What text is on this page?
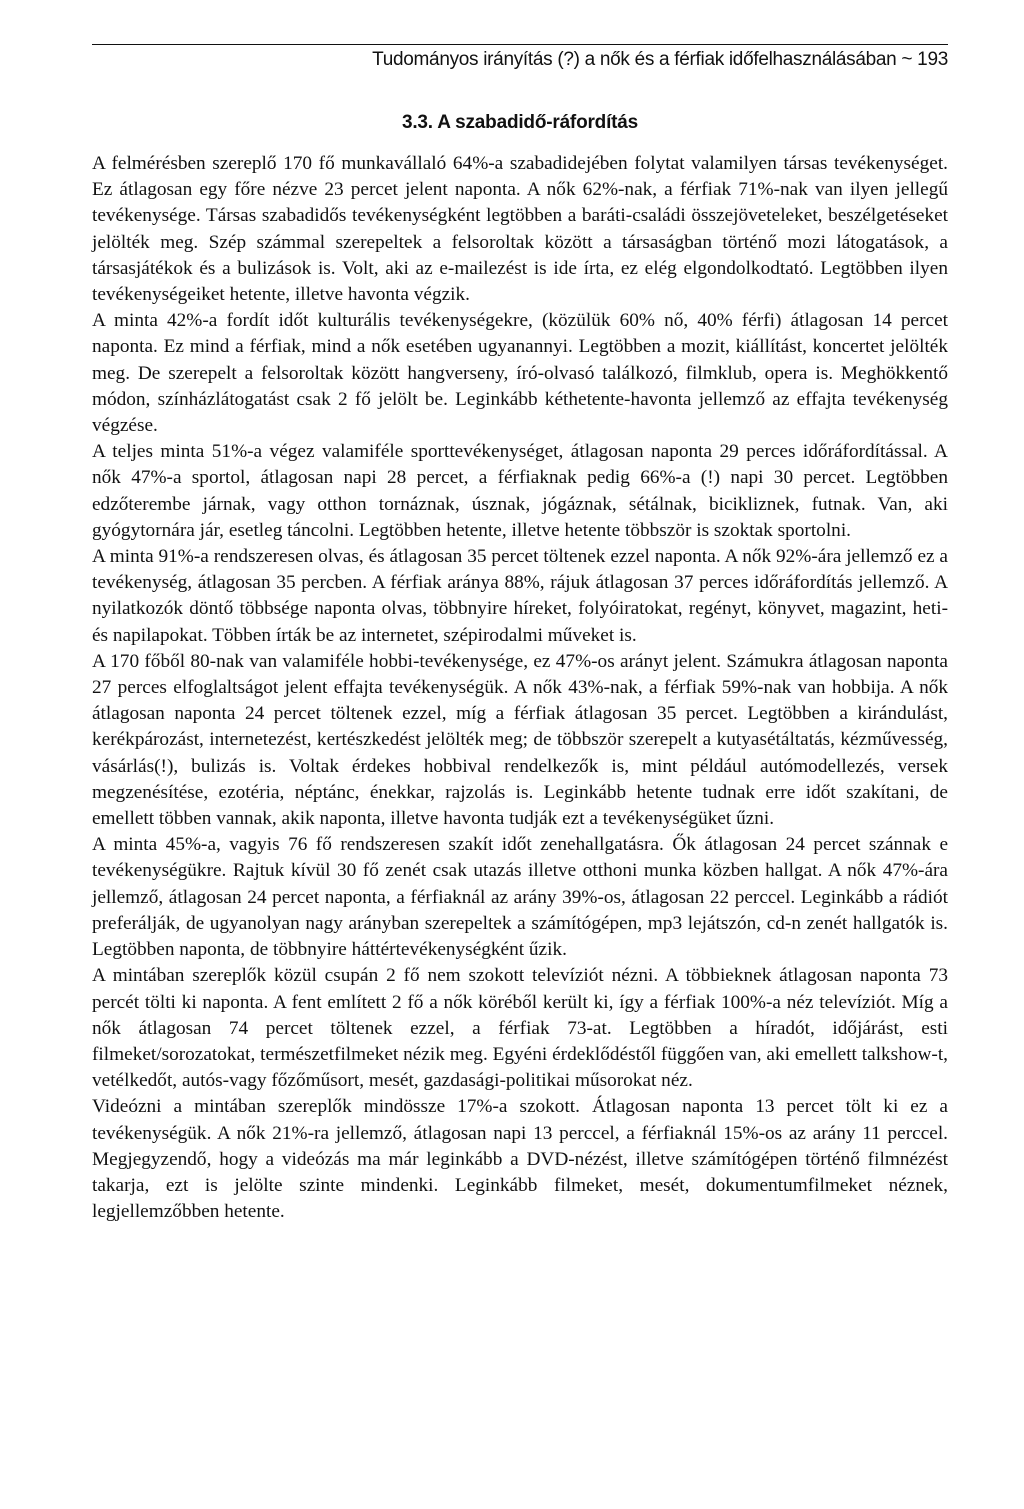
Tudományos irányítás (?) a nők és a férfiak időfelhasználásában ~ 193
3.3. A szabadidő-ráfordítás

A felmérésben szereplő 170 fő munkavállaló 64%-a szabadidejében folytat valamilyen társas tevékenységet. Ez átlagosan egy főre nézve 23 percet jelent naponta. A nők 62%-nak, a férfiak 71%-nak van ilyen jellegű tevékenysége. Társas szabadidős tevékenységként legtöbben a baráti-családi összejöveteleket, beszélgetéseket jelölték meg. Szép számmal szerepeltek a felsoroltak között a társaságban történő mozi látogatások, a társasjátékok és a bulizások is. Volt, aki az e-mailezést is ide írta, ez elég elgondolkodtató. Legtöbben ilyen tevékenységeiket hetente, illetve havonta végzik.

A minta 42%-a fordít időt kulturális tevékenységekre, (közülük 60% nő, 40% férfi) átlagosan 14 percet naponta. Ez mind a férfiak, mind a nők esetében ugyanannyi. Legtöbben a mozit, kiállítást, koncertet jelölték meg. De szerepelt a felsoroltak között hangverseny, író-olvasó találkozó, filmklub, opera is. Meghökkentő módon, színházlátogatást csak 2 fő jelölt be. Leginkább kéthetente-havonta jellemző az effajta tevékenység végzése.

A teljes minta 51%-a végez valamiféle sporttevékenységet, átlagosan naponta 29 perces időráfordítással. A nők 47%-a sportol, átlagosan napi 28 percet, a férfiaknak pedig 66%-a (!) napi 30 percet. Legtöbben edzőterembe járnak, vagy otthon tornáznak, úsznak, jógáznak, sétálnak, bicikliznek, futnak. Van, aki gyógytornára jár, esetleg táncolni. Legtöbben hetente, illetve hetente többször is szoktak sportolni.

A minta 91%-a rendszeresen olvas, és átlagosan 35 percet töltenek ezzel naponta. A nők 92%-ára jellemző ez a tevékenység, átlagosan 35 percben. A férfiak aránya 88%, rájuk átlagosan 37 perces időráfordítás jellemző. A nyilatkozók döntő többsége naponta olvas, többnyire híreket, folyóiratokat, regényt, könyvet, magazint, heti- és napilapokat. Többen írták be az internetet, szépirodalmi műveket is.

A 170 főből 80-nak van valamiféle hobbi-tevékenysége, ez 47%-os arányt jelent. Számukra átlagosan naponta 27 perces elfoglaltságot jelent effajta tevékenységük. A nők 43%-nak, a férfiak 59%-nak van hobbija. A nők átlagosan naponta 24 percet töltenek ezzel, míg a férfiak átlagosan 35 percet. Legtöbben a kirándulást, kerékpározást, internetezést, kertészkedést jelölték meg; de többször szerepelt a kutyasétáltatás, kézművesség, vásárlás(!), bulizás is. Voltak érdekes hobbival rendelkezők is, mint például autómodellezés, versek megzenésítése, ezotéria, néptánc, énekkar, rajzolás is. Leginkább hetente tudnak erre időt szakítani, de emellett többen vannak, akik naponta, illetve havonta tudják ezt a tevékenységüket űzni.

A minta 45%-a, vagyis 76 fő rendszeresen szakít időt zenehallgatásra. Ők átlagosan 24 percet szánnak e tevékenységükre. Rajtuk kívül 30 fő zenét csak utazás illetve otthoni munka közben hallgat. A nők 47%-ára jellemző, átlagosan 24 percet naponta, a férfiaknál az arány 39%-os, átlagosan 22 perccel. Leginkább a rádiót preferálják, de ugyanolyan nagy arányban szerepeltek a számítógépen, mp3 lejátszón, cd-n zenét hallgatók is. Legtöbben naponta, de többnyire háttértevékenységként űzik.

A mintában szereplők közül csupán 2 fő nem szokott televíziót nézni. A többieknek átlagosan naponta 73 percét tölti ki naponta. A fent említett 2 fő a nők köréből került ki, így a férfiak 100%-a néz televíziót. Míg a nők átlagosan 74 percet töltenek ezzel, a férfiak 73-at. Legtöbben a híradót, időjárást, esti filmeket/sorozatokat, természetfilmeket nézik meg. Egyéni érdeklődéstől függően van, aki emellett talkshow-t, vetélkedőt, autós-vagy főzőműsort, mesét, gazdasági-politikai műsorokat néz.

Videózni a mintában szereplők mindössze 17%-a szokott. Átlagosan naponta 13 percet tölt ki ez a tevékenységük. A nők 21%-ra jellemző, átlagosan napi 13 perccel, a férfiaknál 15%-os az arány 11 perccel. Megjegyzendő, hogy a videózás ma már leginkább a DVD-nézést, illetve számítógépen történő filmnézést takarja, ezt is jelölte szinte mindenki. Leginkább filmeket, mesét, dokumentumfilmeket néznek, legjellemzőbben hetente.
